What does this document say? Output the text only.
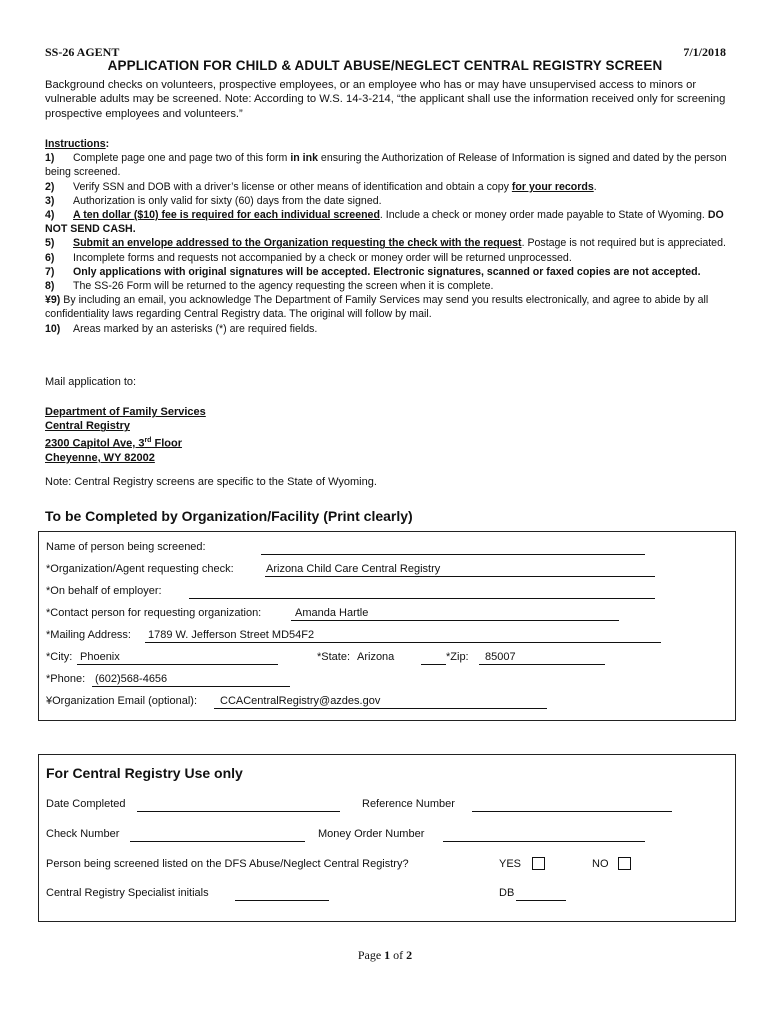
SS-26 AGENT	7/1/2018
APPLICATION FOR CHILD & ADULT ABUSE/NEGLECT CENTRAL REGISTRY SCREEN
Background checks on volunteers, prospective employees, or an employee who has or may have unsupervised access to minors or vulnerable adults may be screened. Note: According to W.S. 14-3-214, “the applicant shall use the information received only for screening prospective employees and volunteers.”

Instructions:

1) Complete page one and page two of this form in ink ensuring the Authorization of Release of Information is signed and dated by the person being screened.

2) Verify SSN and DOB with a driver’s license or other means of identification and obtain a copy for your records.

3) Authorization is only valid for sixty (60) days from the date signed.

4) A ten dollar ($10) fee is required for each individual screened. Include a check or money order made payable to State of Wyoming. DO NOT SEND CASH.

5) Submit an envelope addressed to the Organization requesting the check with the request. Postage is not required but is appreciated.

6) Incomplete forms and requests not accompanied by a check or money order will be returned unprocessed.

7) Only applications with original signatures will be accepted. Electronic signatures, scanned or faxed copies are not accepted.

8) The SS-26 Form will be returned to the agency requesting the screen when it is complete.

¥9) By including an email, you acknowledge The Department of Family Services may send you results electronically, and agree to abide by all confidentiality laws regarding Central Registry data. The original will follow by mail.

10) Areas marked by an asterisks (*) are required fields.

Mail application to:
Department of Family Services
Central Registry
2300 Capitol Ave, 3rd Floor
Cheyenne, WY 82002
Note: Central Registry screens are specific to the State of Wyoming.
To be Completed by Organization/Facility (Print clearly)
Name of person being screened:
*Organization/Agent requesting check:	Arizona Child Care Central Registry
*On behalf of employer:
*Contact person for requesting organization:	Amanda Hartle
*Mailing Address: 1789 W. Jefferson Street MD54F2
*City: Phoenix	*State: Arizona	*Zip: 85007
*Phone: (602)568-4656
¥Organization Email (optional): CCACentralRegistry@azdes.gov
For Central Registry Use only
Date Completed	Reference Number
Check Number	Money Order Number
Person being screened listed on the DFS Abuse/Neglect Central Registry?	YES	NO
Central Registry Specialist initials	DB
Page 1 of 2
